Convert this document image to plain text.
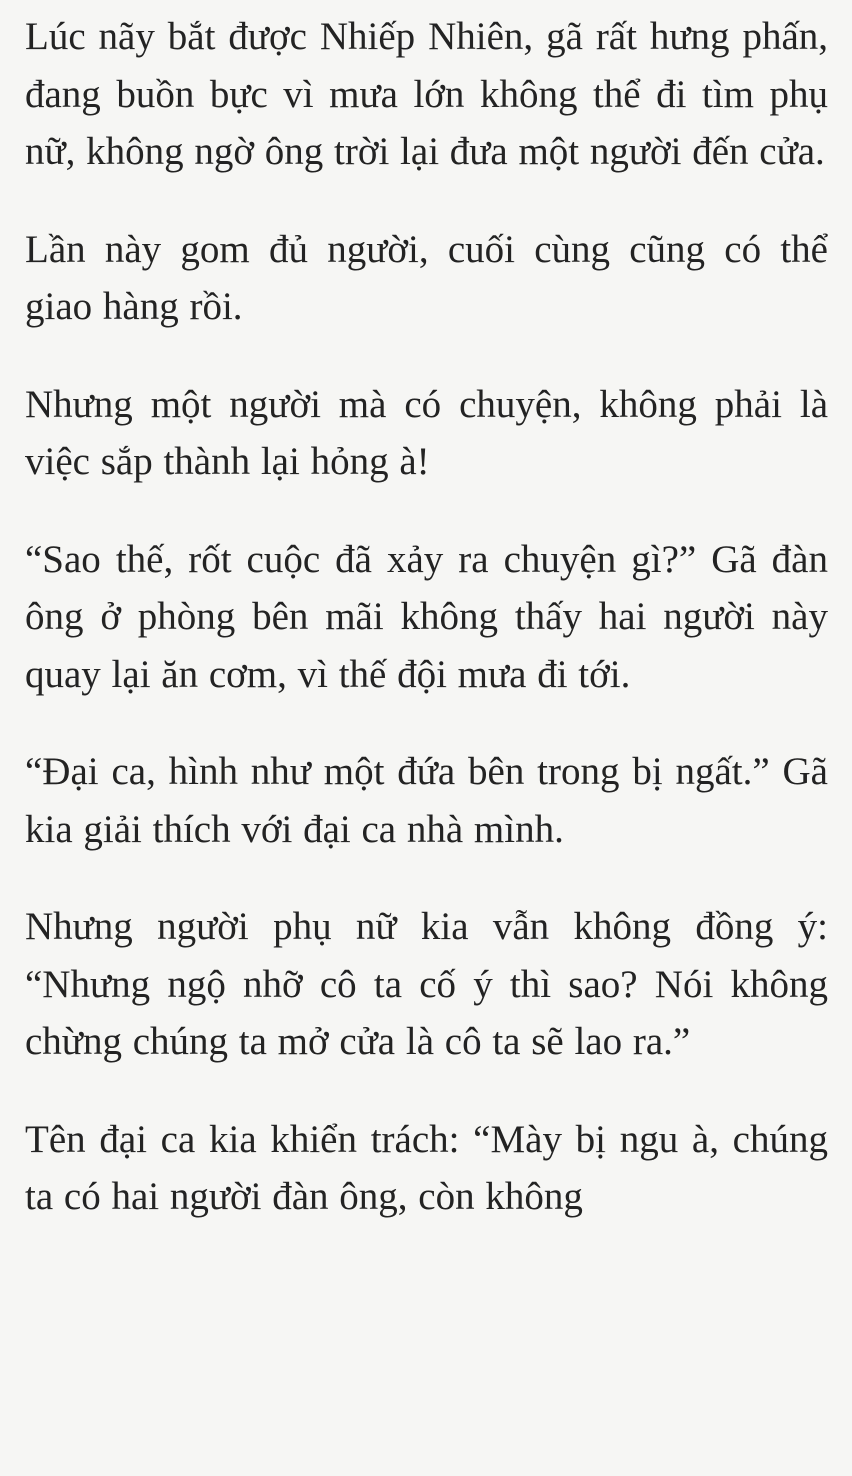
Lúc nãy bắt được Nhiếp Nhiên, gã rất hưng phấn, đang buồn bực vì mưa lớn không thể đi tìm phụ nữ, không ngờ ông trời lại đưa một người đến cửa.

Lần này gom đủ người, cuối cùng cũng có thể giao hàng rồi.

Nhưng một người mà có chuyện, không phải là việc sắp thành lại hỏng à!

“Sao thế, rốt cuộc đã xảy ra chuyện gì?” Gã đàn ông ở phòng bên mãi không thấy hai người này quay lại ăn cơm, vì thế đội mưa đi tới.

“Đại ca, hình như một đứa bên trong bị ngất.” Gã kia giải thích với đại ca nhà mình.

Nhưng người phụ nữ kia vẫn không đồng ý: “Nhưng ngộ nhỡ cô ta cố ý thì sao? Nói không chừng chúng ta mở cửa là cô ta sẽ lao ra.”

Tên đại ca kia khiển trách: “Mày bị ngu à, chúng ta có hai người đàn ông, còn không
